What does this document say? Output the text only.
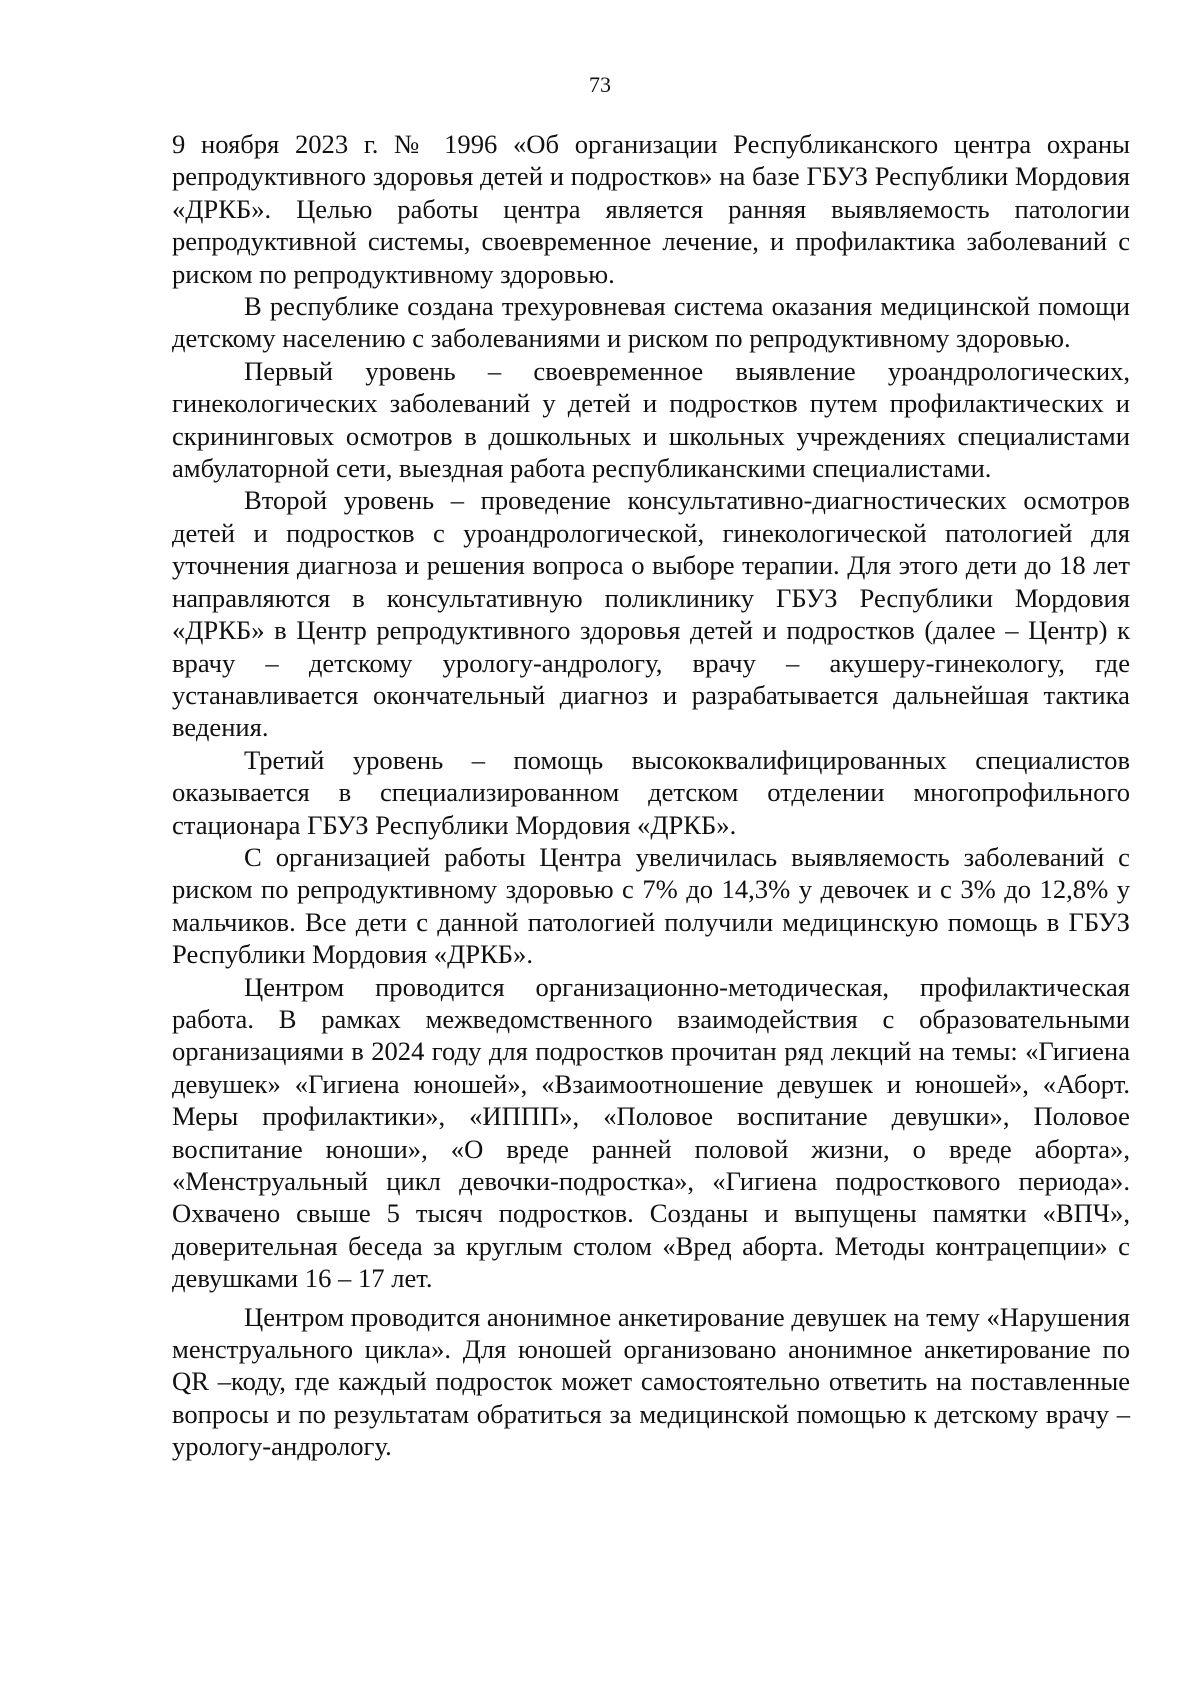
73

9 ноября 2023 г. № 1996 «Об организации Республиканского центра охраны репродуктивного здоровья детей и подростков» на базе ГБУЗ Республики Мордовия «ДРКБ». Целью работы центра является ранняя выявляемость патологии репродуктивной системы, своевременное лечение, и профилактика заболеваний с риском по репродуктивному здоровью.

В республике создана трехуровневая система оказания медицинской помощи детскому населению с заболеваниями и риском по репродуктивному здоровью.

Первый уровень – своевременное выявление уроандрологических, гинекологических заболеваний у детей и подростков путем профилактических и скрининговых осмотров в дошкольных и школьных учреждениях специалистами амбулаторной сети, выездная работа республиканскими специалистами.

Второй уровень – проведение консультативно-диагностических осмотров детей и подростков с уроандрологической, гинекологической патологией для уточнения диагноза и решения вопроса о выборе терапии. Для этого дети до 18 лет направляются в консультативную поликлинику ГБУЗ Республики Мордовия «ДРКБ» в Центр репродуктивного здоровья детей и подростков (далее – Центр) к врачу – детскому урологу-андрологу, врачу – акушеру-гинекологу, где устанавливается окончательный диагноз и разрабатывается дальнейшая тактика ведения.

Третий уровень – помощь высококвалифицированных специалистов оказывается в специализированном детском отделении многопрофильного стационара ГБУЗ Республики Мордовия «ДРКБ».

С организацией работы Центра увеличилась выявляемость заболеваний с риском по репродуктивному здоровью с 7% до 14,3% у девочек и с 3% до 12,8% у мальчиков. Все дети с данной патологией получили медицинскую помощь в ГБУЗ Республики Мордовия «ДРКБ».

Центром проводится организационно-методическая, профилактическая работа. В рамках межведомственного взаимодействия с образовательными организациями в 2024 году для подростков прочитан ряд лекций на темы: «Гигиена девушек» «Гигиена юношей», «Взаимоотношение девушек и юношей», «Аборт. Меры профилактики», «ИППП», «Половое воспитание девушки», Половое воспитание юноши», «О вреде ранней половой жизни, о вреде аборта», «Менструальный цикл девочки-подростка», «Гигиена подросткового периода». Охвачено свыше 5 тысяч подростков. Созданы и выпущены памятки «ВПЧ», доверительная беседа за круглым столом «Вред аборта. Методы контрацепции» с девушками 16 – 17 лет.

Центром проводится анонимное анкетирование девушек на тему «Нарушения менструального цикла». Для юношей организовано анонимное анкетирование по QR –коду, где каждый подросток может самостоятельно ответить на поставленные вопросы и по результатам обратиться за медицинской помощью к детскому врачу – урологу-андрологу.
